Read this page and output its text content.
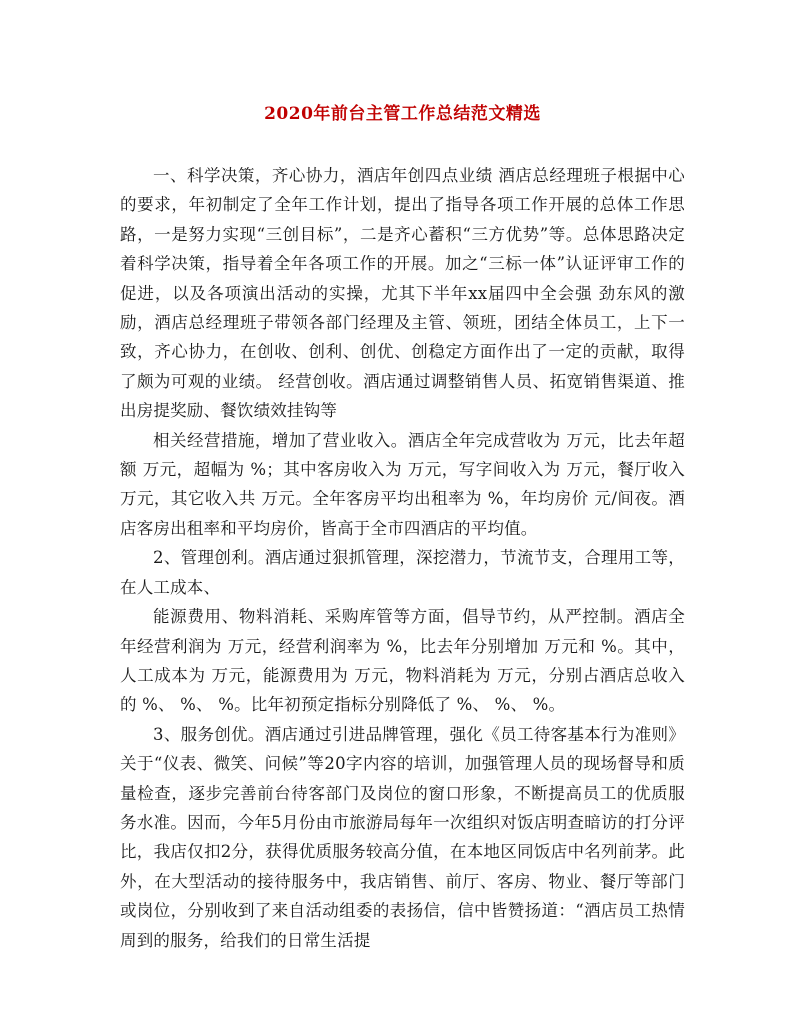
2020年前台主管工作总结范文精选

一、科学决策，齐心协力，酒店年创四点业绩 酒店总经理班子根据中心的要求，年初制定了全年工作计划，提出了指导各项工作开展的总体工作思路，一是努力实现“三创目标”，二是齐心蓄积“三方优势”等。总体思路决定着科学决策，指导着全年各项工作的开展。加之“三标一体”认证评审工作的促进，以及各项演出活动的实操，尤其下半年xx届四中全会强 劲东风的激励，酒店总经理班子带领各部门经理及主管、领班，团结全体员工，上下一致，齐心协力，在创收、创利、创优、创稳定方面作出了一定的贡献，取得了颇为可观的业绩。 经营创收。酒店通过调整销售人员、拓宽销售渠道、推出房提奖励、餐饮绩效挂钩等

相关经营措施，增加了营业收入。酒店全年完成营收为 万元，比去年超额 万元，超幅为 %；其中客房收入为 万元，写字间收入为 万元，餐厅收入 万元，其它收入共 万元。全年客房平均出租率为 %，年均房价 元/间夜。酒店客房出租率和平均房价，皆高于全市四酒店的平均值。

2、管理创利。酒店通过狠抓管理，深挖潜力，节流节支，合理用工等，在人工成本、

能源费用、物料消耗、采购库管等方面，倡导节约，从严控制。酒店全年经营利润为 万元，经营利润率为 %，比去年分别增加 万元和 %。其中，人工成本为 万元，能源费用为 万元，物料消耗为 万元，分别占酒店总收入的 %、 %、 %。比年初预定指标分别降低了 %、 %、 %。

3、服务创优。酒店通过引进品牌管理，强化《员工待客基本行为准则》关于“仪表、微笑、问候”等20字内容的培训，加强管理人员的现场督导和质量检查，逐步完善前台待客部门及岗位的窗口形象，不断提高员工的优质服务水准。因而，今年5月份由市旅游局每年一次组织对饭店明查暗访的打分评比，我店仅扣2分，获得优质服务较高分值，在本地区同饭店中名列前茅。此外，在大型活动的接待服务中，我店销售、前厅、客房、物业、餐厅等部门或岗位，分别收到了来自活动组委的表扬信，信中皆赞扬道：“酒店员工热情周到的服务，给我们的日常生活提
